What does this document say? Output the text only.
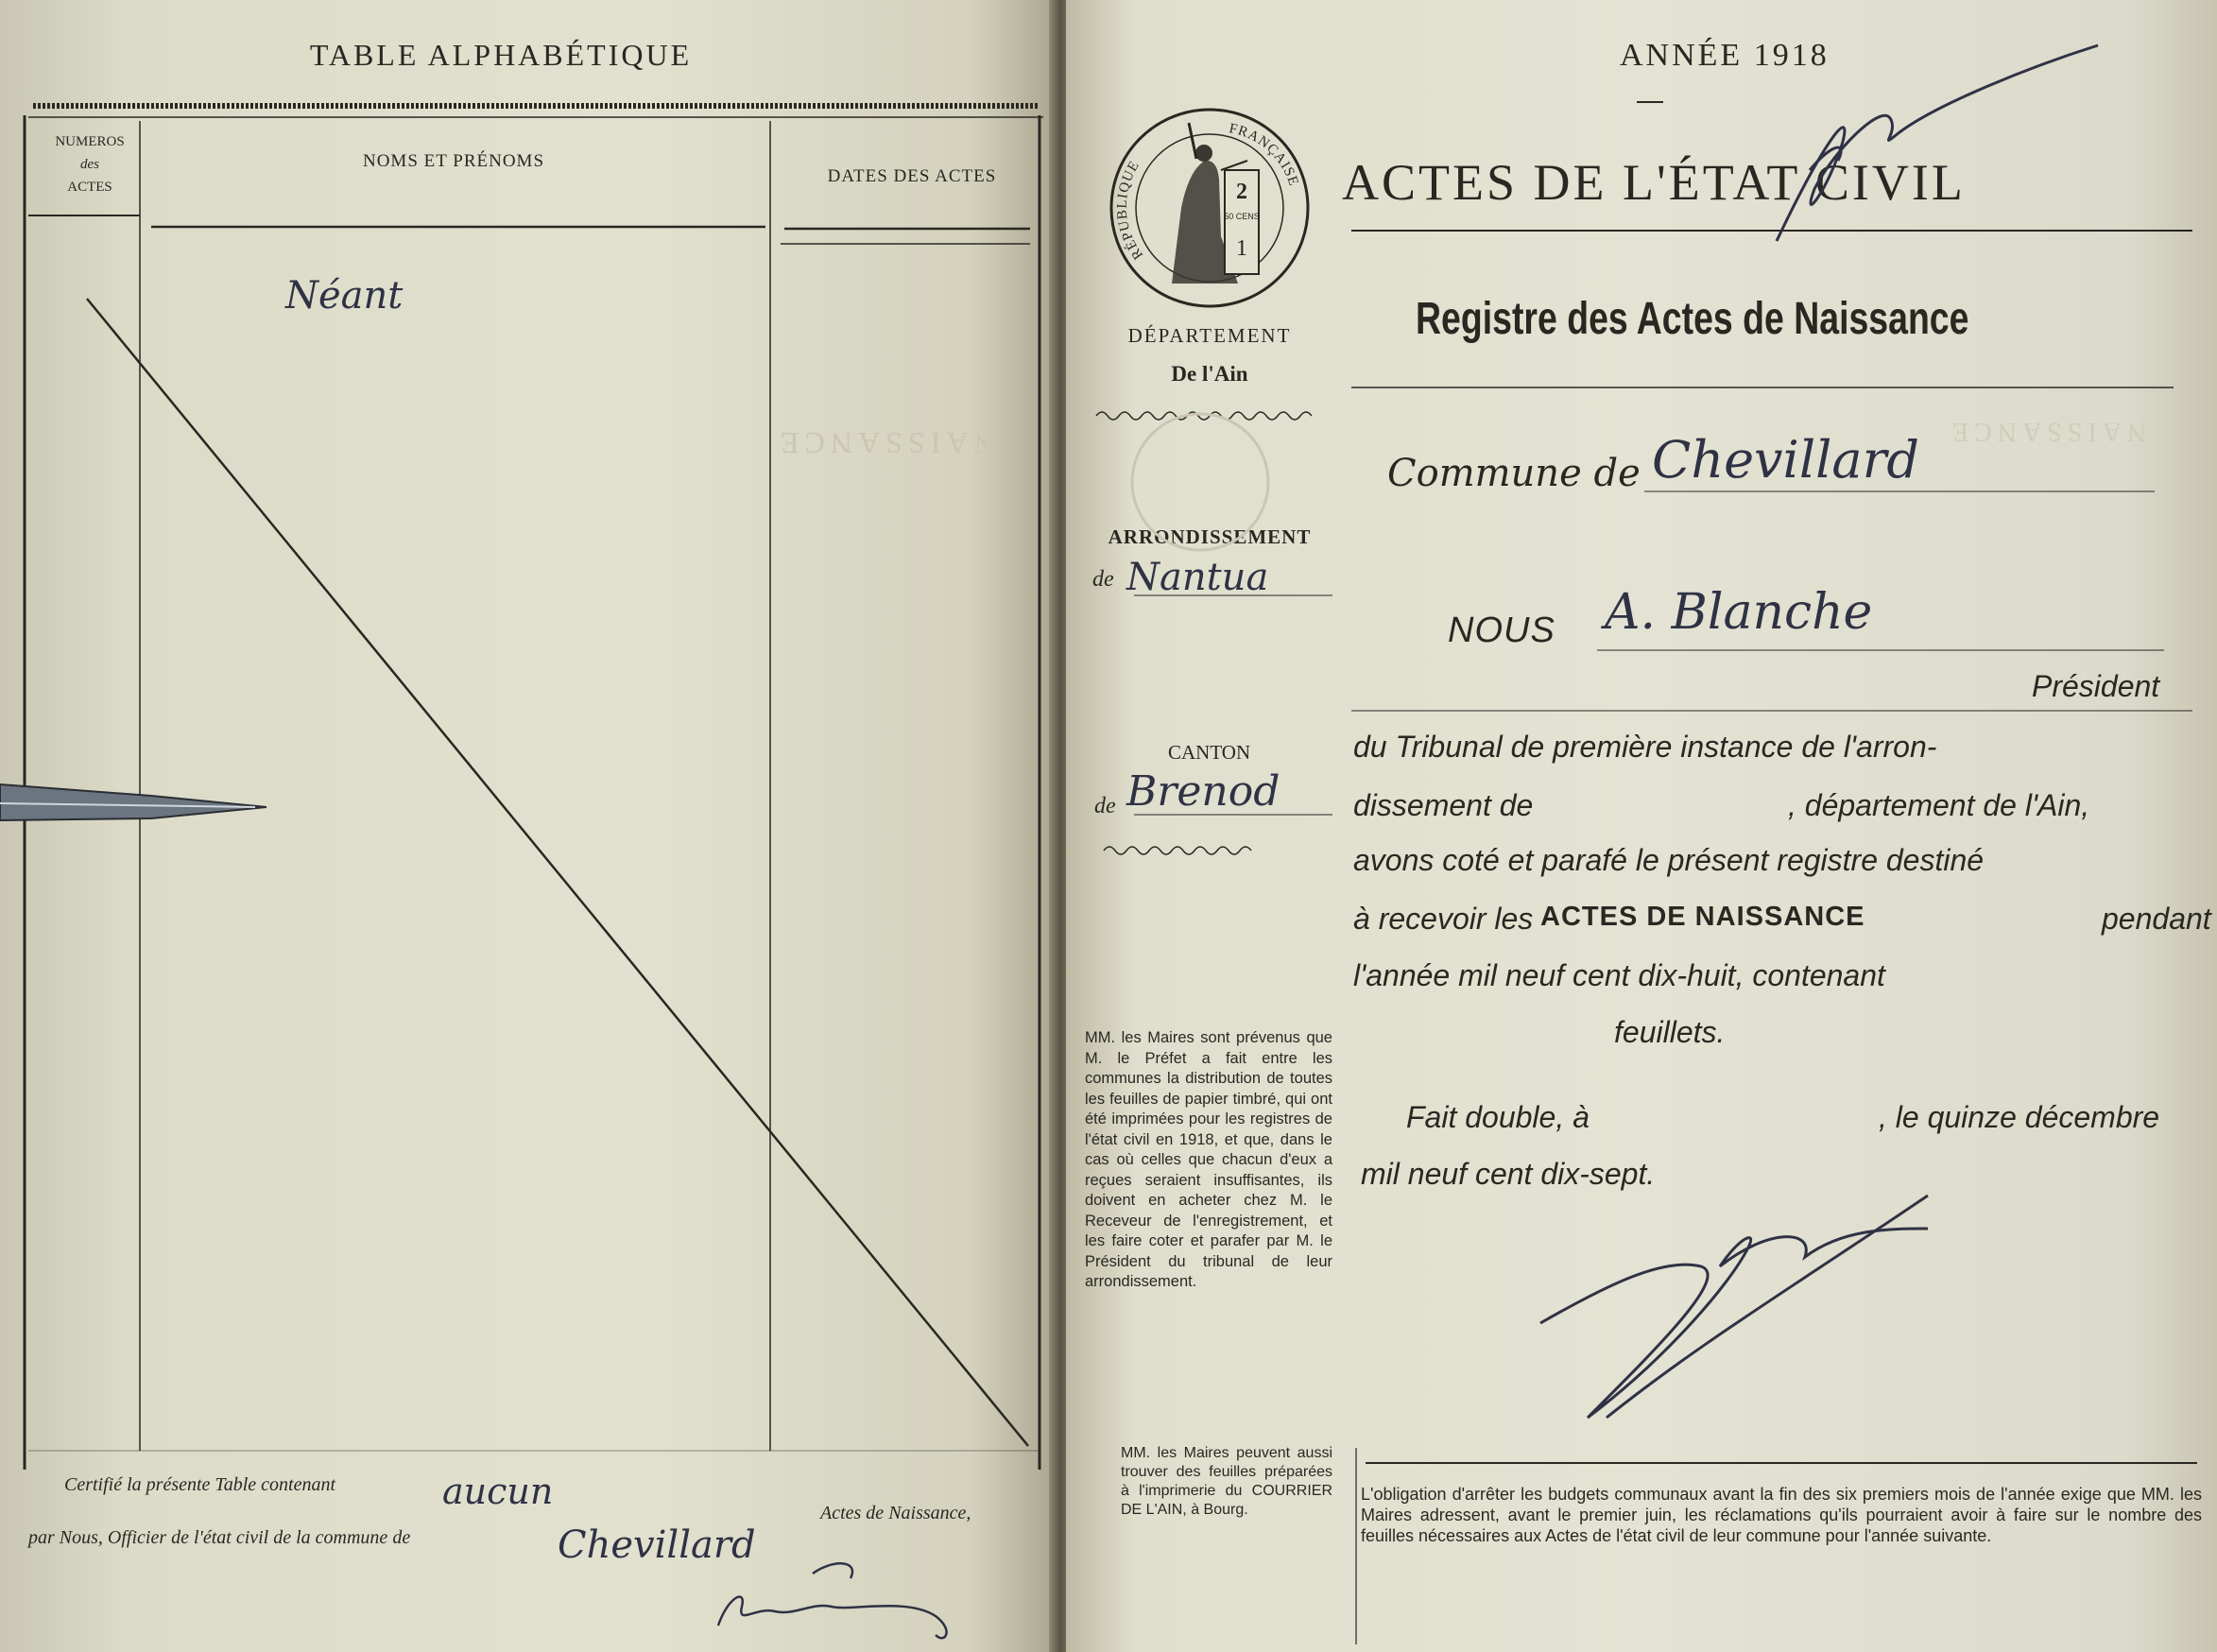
TABLE ALPHABÉTIQUE
NUMEROS
des
ACTES
NOMS ET PRÉNOMS
DATES DES ACTES
Néant
NAISSANCE
Certifié la présente Table contenant	aucun
Actes de Naissance,
par Nous, Officier de l'état civil de la commune de	Chevillard
ANNÉE 1918
2
50 CENS
1
RÉPUBLIQUE
FRANÇAISE
DÉPARTEMENT
De l'Ain
ARRONDISSEMENT
de Nantua
CANTON
de Brenod
MM. les Maires sont prévenus que M. le Préfet a fait entre les communes la distribution de toutes les feuilles de papier timbré, qui ont été imprimées pour les registres de l'état civil en 1918, et que, dans le cas où celles que chacun d'eux a reçues seraient insuffisantes, ils doivent en acheter chez M. le Receveur de l'enregistrement, et les faire coter et parafer par M. le Président du tribunal de leur arrondissement.
MM. les Maires peuvent aussi trouver des feuilles préparées à l'imprimerie du COURRIER DE L'AIN, à Bourg.
ACTES DE L'ÉTAT CIVIL
Registre des Actes de Naissance
NAISSANCE
Commune de Chevillard
NOUS A. Blanche
Président
du Tribunal de première instance de l'arron-
dissement de	, département de l'Ain,
avons coté et parafé le présent registre destiné
à recevoir les ACTES DE NAISSANCE	pendant
l'année mil neuf cent dix-huit, contenant
feuillets.
Fait double, à	, le quinze décembre
mil neuf cent dix-sept.
L'obligation d'arrêter les budgets communaux avant la fin des six premiers mois de l'année exige que MM. les Maires adressent, avant le premier juin, les réclamations qu'ils pourraient avoir à faire sur le nombre des feuilles nécessaires aux Actes de l'état civil de leur commune pour l'année suivante.
